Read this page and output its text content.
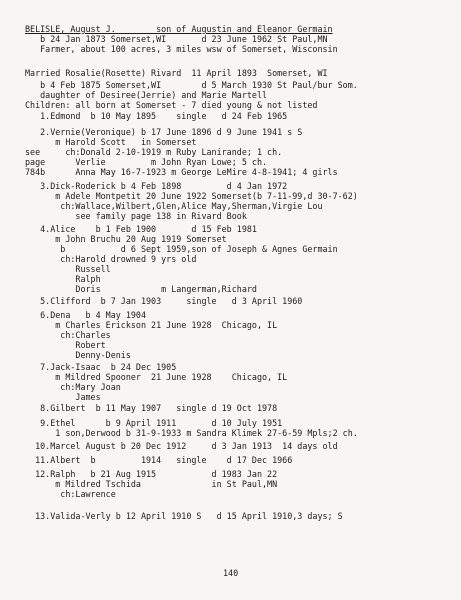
BELISLE, August J.        son of Augustin and Eleanor Germain
b 24 Jan 1873 Somerset,WI       d 23 June 1962 St Paul,MN
Farmer, about 100 acres, 3 miles wsw of Somerset, Wisconsin
Married Rosalie(Rosette) Rivard  11 April 1893  Somerset, WI
b 4 Feb 1875 Somerset,WI        d 5 March 1930 St Paul/bur Som.
daughter of Desiree(Jerrie) and Marie Martell
Children: all born at Somerset - 7 died young & not listed
1.Edmond  b 10 May 1895    single   d 24 Feb 1965
2.Vernie(Veronique) b 17 June 1896 d 9 June 1941 s S
m Harold Scott   in Somerset
see     ch:Donald 2-10-1919 m Ruby Lanirande; 1 ch.
page      Verlie         m John Ryan Lowe; 5 ch.
784b      Anna May 16-7-1923 m George LeMire 4-8-1941; 4 girls
3.Dick-Roderick b 4 Feb 1898         d 4 Jan 1972
m Adele Montpetit 20 June 1922 Somerset(b 7-11-99,d 30-7-62)
ch:Wallace,Wilbert,Glen,Alice May,Sherman,Virgie Lou
see family page 138 in Rivard Book
4.Alice    b 1 Feb 1900       d 15 Feb 1981
m John Bruchu 20 Aug 1919 Somerset
b           d 6 Sept 1959,son of Joseph & Agnes Germain
ch:Harold drowned 9 yrs old
Russell
Ralph
Doris            m Langerman,Richard
5.Clifford  b 7 Jan 1903     single   d 3 April 1960
6.Dena   b 4 May 1904
m Charles Erickson 21 June 1928  Chicago, IL
ch:Charles
Robert
Denny-Denis
7.Jack-Isaac  b 24 Dec 1905
m Mildred Spooner  21 June 1928    Chicago, IL
ch:Mary Joan
James
8.Gilbert  b 11 May 1907   single d 19 Oct 1978
9.Ethel      b 9 April 1911       d 10 July 1951
1 son,Derwood b 31-9-1933 m Sandra Klimek 27-6-59 Mpls;2 ch.
10.Marcel August b 20 Dec 1912     d 3 Jan 1913  14 days old
11.Albert  b         1914   single    d 17 Dec 1966
12.Ralph   b 21 Aug 1915           d 1983 Jan 22
m Mildred Tschida              in St Paul,MN
ch:Lawrence
13.Valida-Verly b 12 April 1910 S   d 15 April 1910,3 days; S
140
